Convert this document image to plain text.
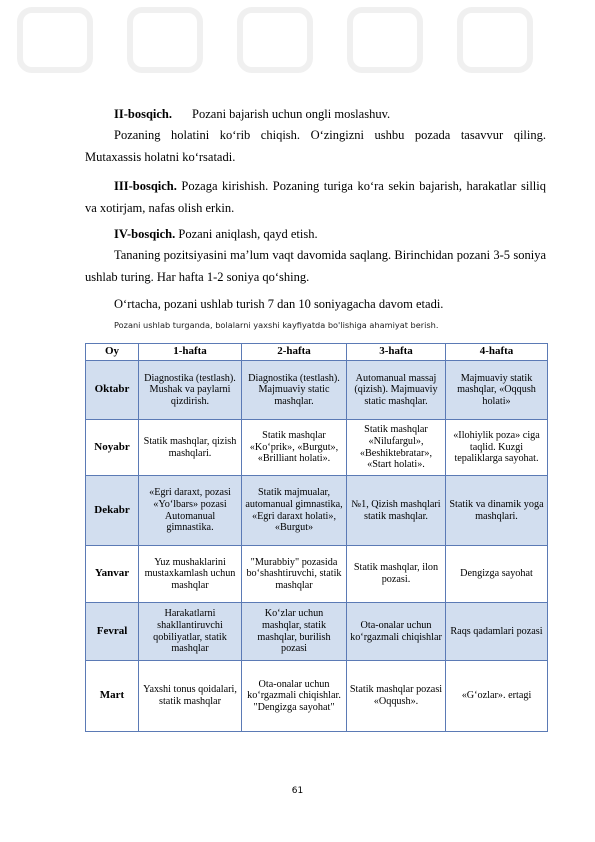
II-bosqich. Pozani bajarish uchun ongli moslashuv.
Pozaning holatini ko‘rib chiqish. O‘zingizni ushbu pozada tasavvur qiling. Mutaxassis holatni ko‘rsatadi.
III-bosqich. Pozaga kirishish. Pozaning turiga ko‘ra sekin bajarish, harakatlar silliq va xotirjam, nafas olish erkin.
IV-bosqich. Pozani aniqlash, qayd etish.
Tananing pozitsiyasini ma’lum vaqt davomida saqlang. Birinchidan pozani 3-5 soniya ushlab turing. Har hafta 1-2 soniya qo‘shing.
O‘rtacha, pozani ushlab turish 7 dan 10 soniyagacha davom etadi.
Pozani ushlab turganda, bolalarni yaxshi kayfiyatda bo'lishiga ahamiyat berish.
Oy	1-hafta	2-hafta	3-hafta	4-hafta
Oktabr	Diagnostika (testlash). Mushak va paylarni qizdirish.	Diagnostika (testlash). Majmuaviy static mashqlar.	Automanual massaj (qizish). Majmuaviy static mashqlar.	Majmuaviy statik mashqlar, «Oqqush holati»
Noyabr	Statik mashqlar, qizish mashqlari.	Statik mashqlar «Ko‘prik», «Burgut», «Brilliant holati».	Statik mashqlar «Nilufargul», «Beshiktebratar», «Start holati».	«Ilohiylik poza» ciga taqlid. Kuzgi tepaliklarga sayohat.
Dekabr	«Egri daraxt, pozasi «Yo‘lbars» pozasi Automanual gimnastika.	Statik majmualar, automanual gimnastika, «Egri daraxt holati», «Burgut»	№1, Qizish mashqlari statik mashqlar.	Statik va dinamik yoga mashqlari.
Yanvar	Yuz mushaklarini mustaxkamlash uchun mashqlar	"Murabbiy" pozasida bo‘shashtiruvchi, statik mashqlar	Statik mashqlar, ilon pozasi.	Dengizga sayohat
Fevral	Harakatlarni shakllantiruvchi qobiliyatlar, statik mashqlar	Ko‘zlar uchun mashqlar, statik mashqlar, burilish pozasi	Ota-onalar uchun ko‘rgazmali chiqishlar	Raqs qadamlari pozasi
Mart	Yaxshi tonus qoidalari, statik mashqlar	Ota-onalar uchun ko‘rgazmali chiqishlar. "Dengizga sayohat"	Statik mashqlar pozasi «Oqqush».	«G‘ozlar». ertagi
61
